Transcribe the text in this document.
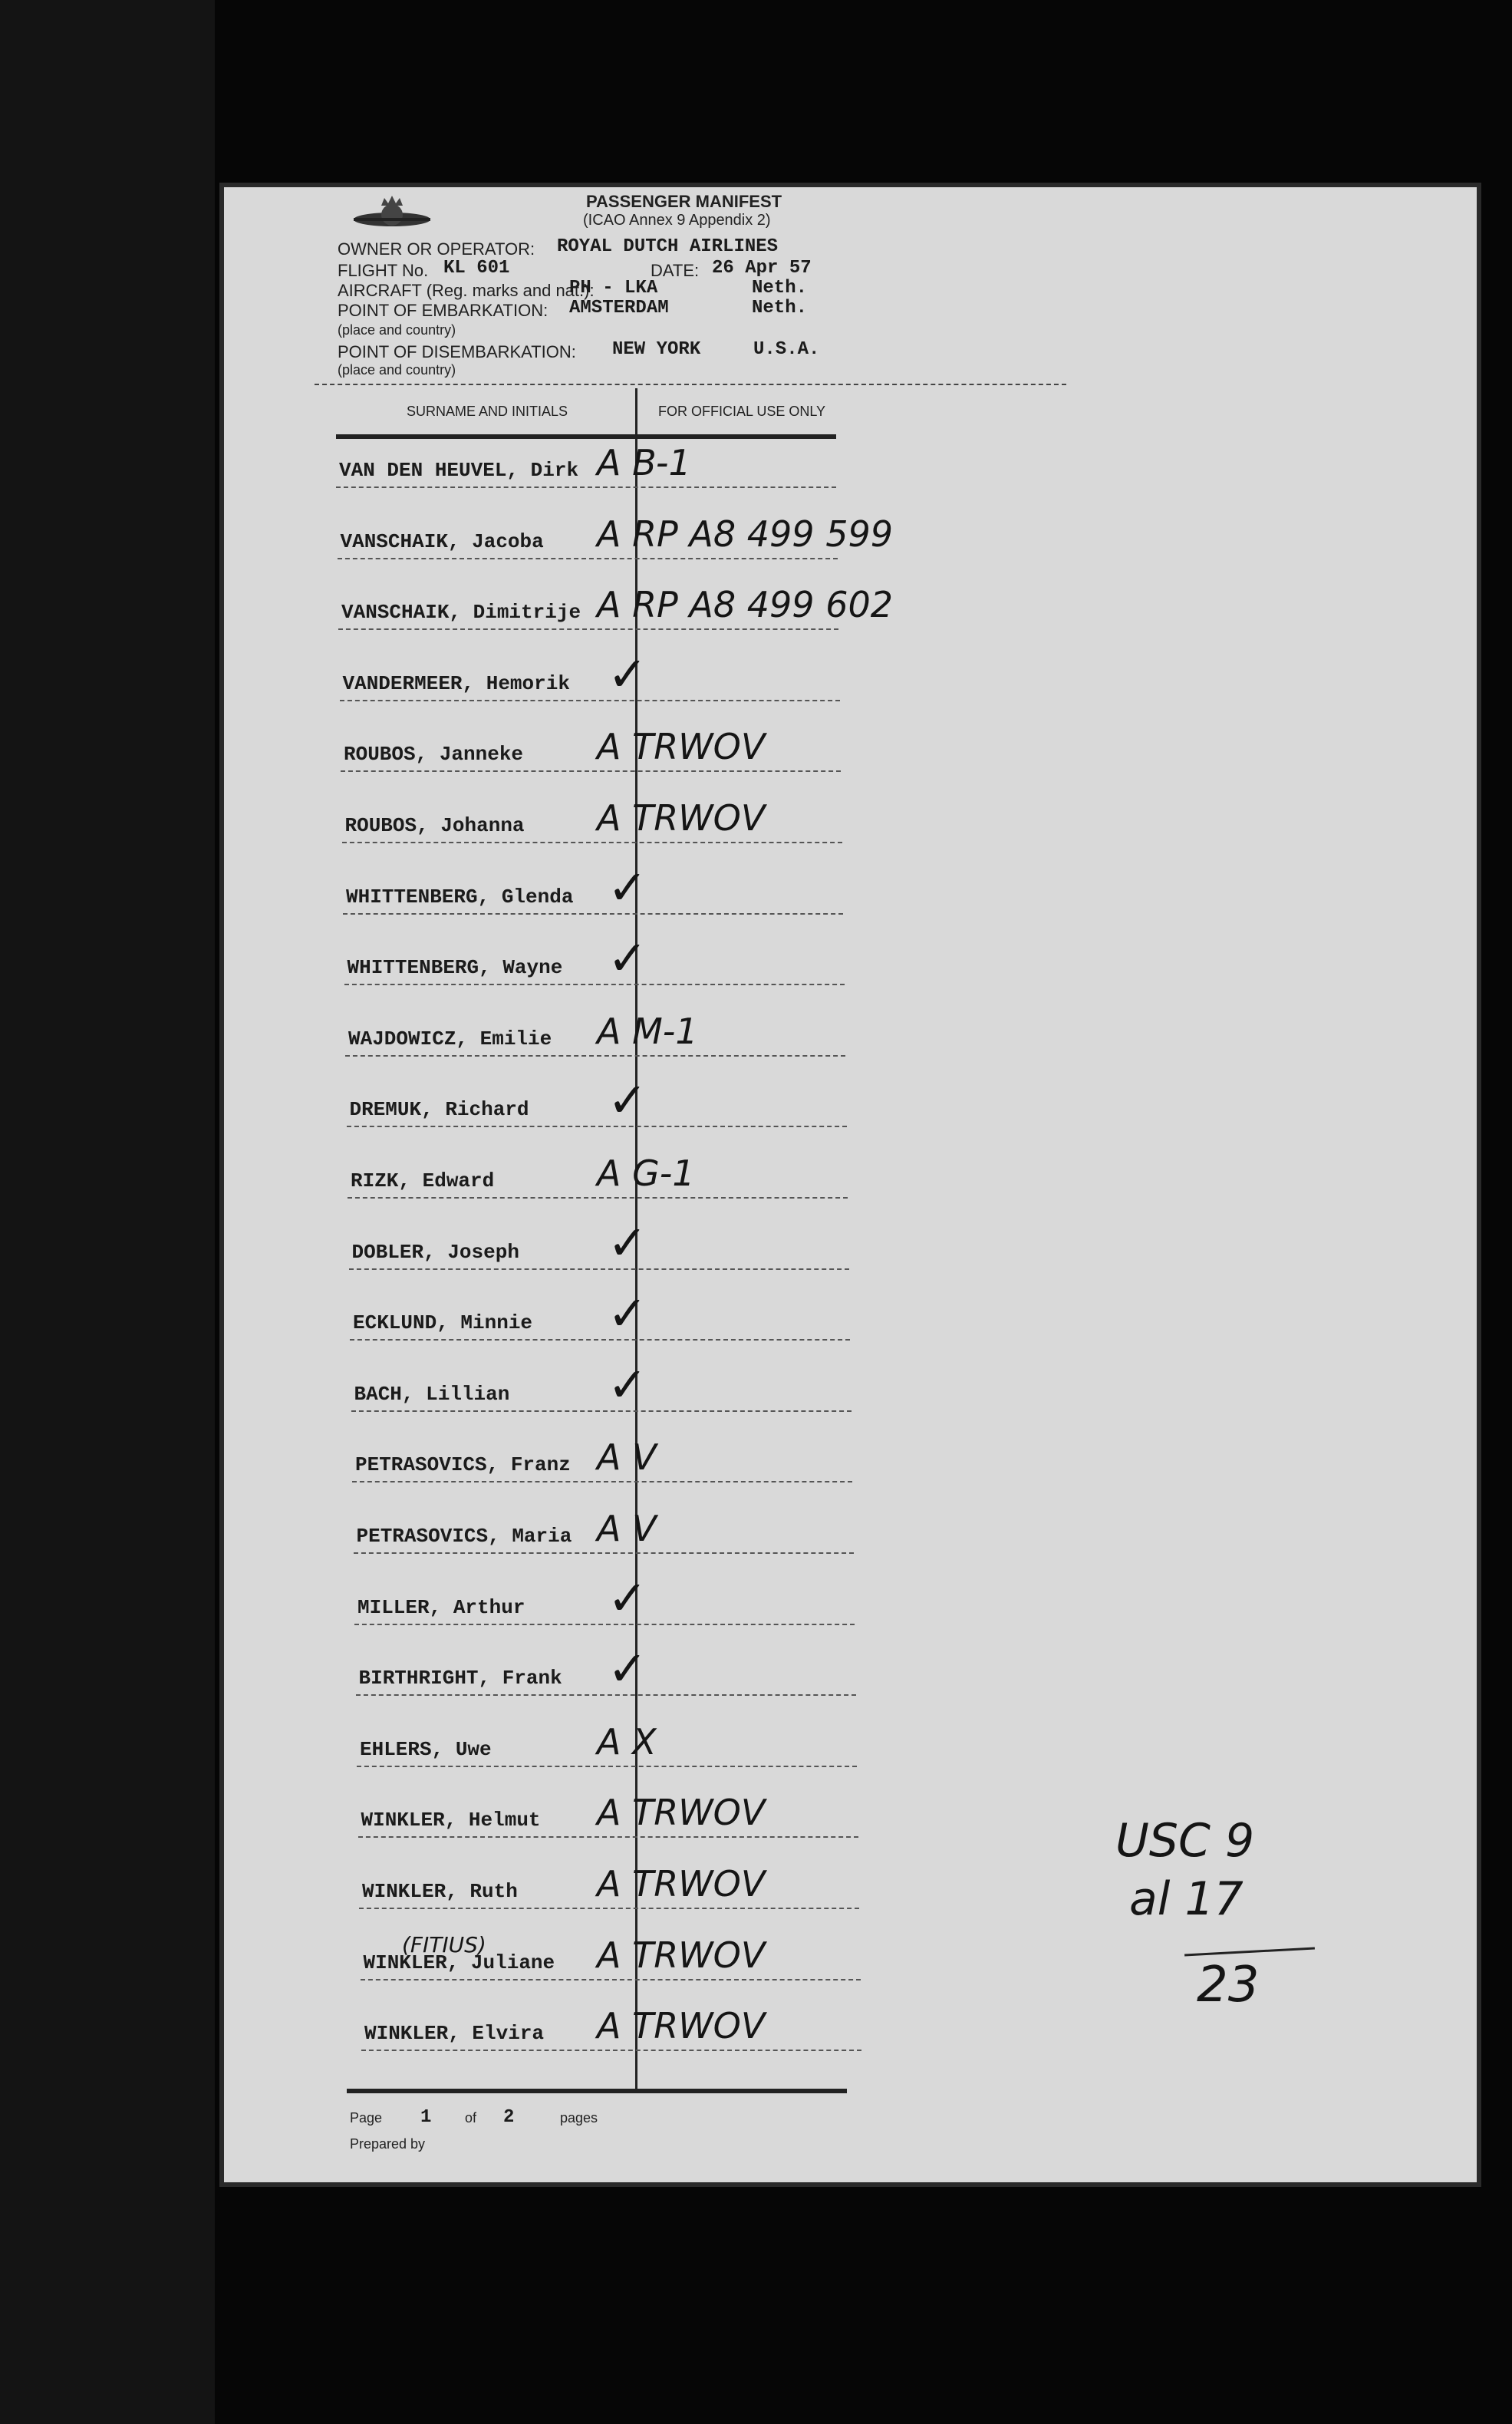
PASSENGER MANIFEST
(ICAO Annex 9 Appendix 2)
OWNER OR OPERATOR: ROYAL DUTCH AIRLINES
FLIGHT No. KL 601	DATE: 26 Apr 57
AIRCRAFT (Reg. marks and nat.):
PH - LKA	Neth.
POINT OF EMBARKATION: AMSTERDAM	Neth.
(place and country)
POINT OF DISEMBARKATION: NEW YORK	U.S.A.
(place and country)
SURNAME AND INITIALS	FOR OFFICIAL USE ONLY
VAN DEN HEUVEL, Dirk A B-1
VANSCHAIK, Jacoba A RP A8 499 599
VANSCHAIK, Dimitrije A RP A8 499 602
VANDERMEER, Hemorik ✓
ROUBOS, Janneke A TRWOV
ROUBOS, Johanna A TRWOV
WHITTENBERG, Glenda ✓
WHITTENBERG, Wayne ✓
WAJDOWICZ, Emilie A M-1
DREMUK, Richard ✓
RIZK, Edward	A G-1
DOBLER, Joseph ✓
ECKLUND, Minnie ✓
BACH, Lillian ✓
PETRASOVICS, Franz A V
PETRASOVICS, Maria A V
MILLER, Arthur ✓
BIRTHRIGHT, Frank ✓
EHLERS, Uwe	A X
WINKLER, Helmut A TRWOV
WINKLER, Ruth A TRWOV
WINKLER, Juliane A TRWOV
WINKLER, Elvira A TRWOV
(FITIUS)
Page 1 of 2	pages
Prepared by
USC 9
al 17
23
